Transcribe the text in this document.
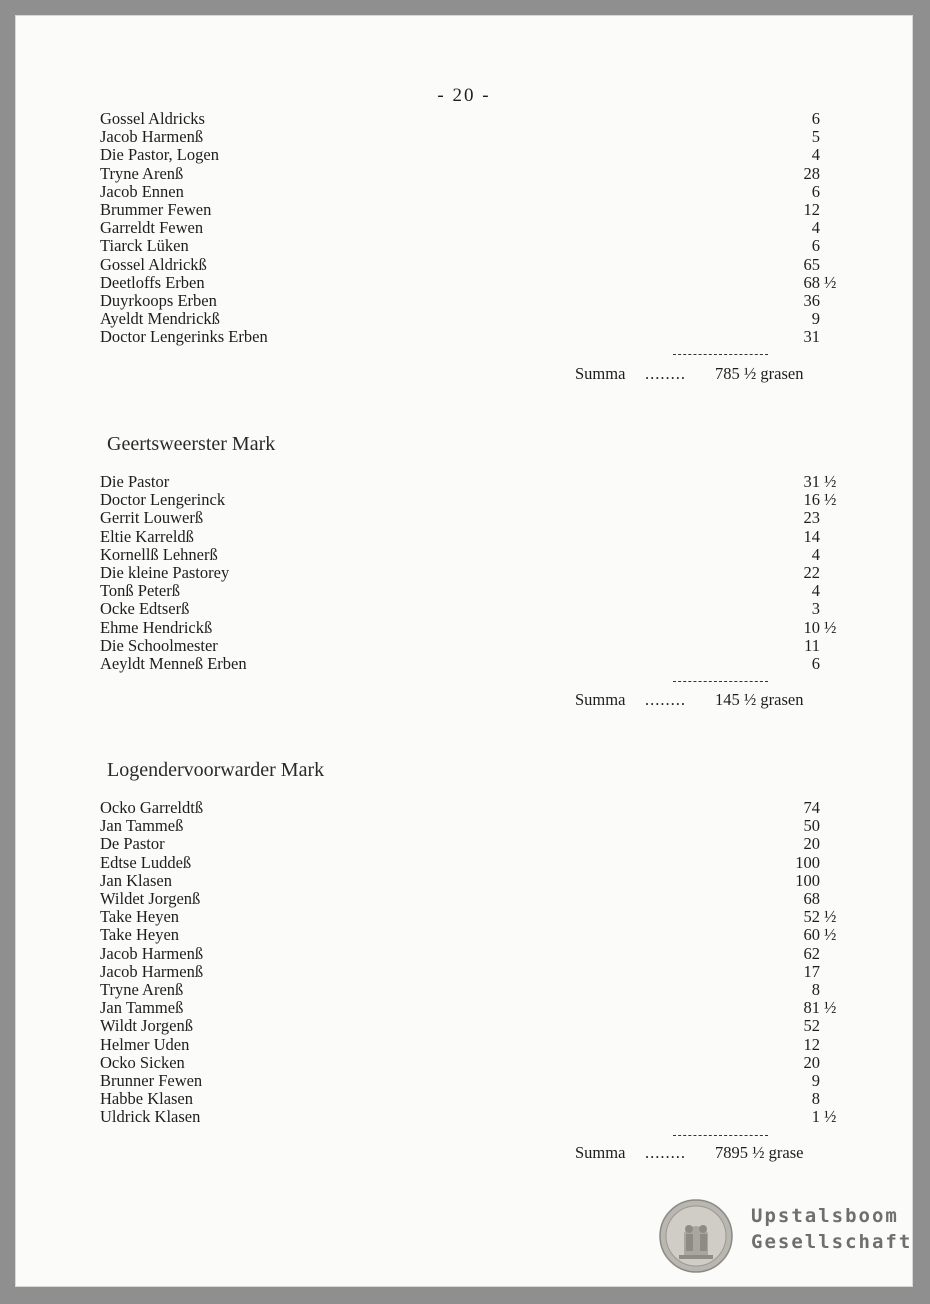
- 20 -
Gossel Aldricks	6
Jacob Harmenß	5
Die Pastor, Logen	4
Tryne Arenß	28
Jacob Ennen	6
Brummer Fewen	12
Garreldt Fewen	4
Tiarck Lüken	6
Gossel Aldrickß	65
Deetloffs Erben	68 ½
Duyrkoops Erben	36
Ayeldt Mendrickß	9
Doctor Lengerinks Erben	31
Summa ........ 785 ½ grasen
Geertsweerster Mark
Die Pastor	31 ½
Doctor Lengerinck	16 ½
Gerrit Louwerß	23
Eltie Karreldß	14
Kornellß Lehnerß	4
Die kleine Pastorey	22
Tonß Peterß	4
Ocke Edtserß	3
Ehme Hendrickß	10 ½
Die Schoolmester	11
Aeyldt Menneß Erben	6
Summa ........ 145 ½ grasen
Logendervoorwarder Mark
Ocko Garreldtß	74
Jan Tammeß	50
De Pastor	20
Edtse Luddeß	100
Jan Klasen	100
Wildet Jorgenß	68
Take Heyen	52 ½
Take Heyen	60 ½
Jacob Harmenß	62
Jacob Harmenß	17
Tryne Arenß	8
Jan Tammeß	81 ½
Wildt Jorgenß	52
Helmer Uden	12
Ocko Sicken	20
Brunner Fewen	9
Habbe Klasen	8
Uldrick Klasen	1 ½
Summa ........ 7895 ½ grase
Upstalsboom
Gesellschaft
